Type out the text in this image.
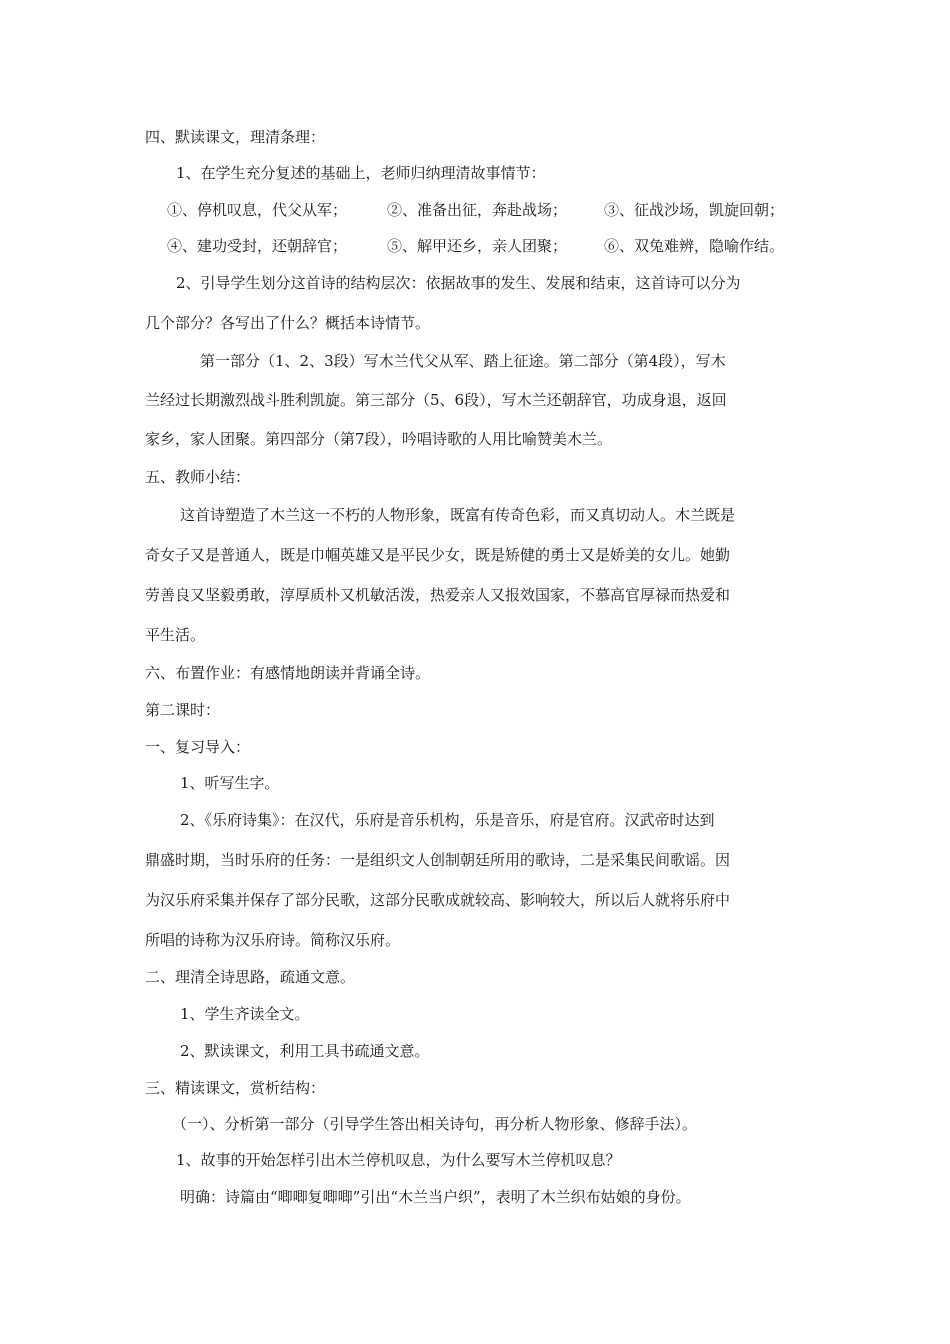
四、默读课文，理清条理：
1、在学生充分复述的基础上，老师归纳理清故事情节：
①、停机叹息，代父从军；	②、准备出征，奔赴战场； ③、征战沙场，凯旋回朝；
④、建功受封，还朝辞官；	⑤、解甲还乡，亲人团聚； ⑥、双兔难辨，隐喻作结。
2、引导学生划分这首诗的结构层次：依据故事的发生、发展和结束，这首诗可以分为
几个部分？各写出了什么？概括本诗情节。
第一部分（1、2、3段）写木兰代父从军、踏上征途。第二部分（第4段），写木
兰经过长期激烈战斗胜利凯旋。第三部分（5、6段），写木兰还朝辞官，功成身退，返回
家乡，家人团聚。第四部分（第7段），吟唱诗歌的人用比喻赞美木兰。
五、教师小结：
这首诗塑造了木兰这一不朽的人物形象，既富有传奇色彩，而又真切动人。木兰既是
奇女子又是普通人，既是巾帼英雄又是平民少女，既是矫健的勇士又是娇美的女儿。她勤
劳善良又坚毅勇敢，淳厚质朴又机敏活泼，热爱亲人又报效国家，不慕高官厚禄而热爱和
平生活。
六、布置作业：有感情地朗读并背诵全诗。
第二课时：
一、复习导入：
1、听写生字。
2、《乐府诗集》：在汉代，乐府是音乐机构，乐是音乐，府是官府。汉武帝时达到
鼎盛时期，当时乐府的任务：一是组织文人创制朝廷所用的歌诗，二是采集民间歌谣。因
为汉乐府采集并保存了部分民歌，这部分民歌成就较高、影响较大，所以后人就将乐府中
所唱的诗称为汉乐府诗。简称汉乐府。
二、理清全诗思路，疏通文意。
1、学生齐读全文。
2、默读课文，利用工具书疏通文意。
三、精读课文，赏析结构：
（一）、分析第一部分（引导学生答出相关诗句，再分析人物形象、修辞手法）。
1、故事的开始怎样引出木兰停机叹息，为什么要写木兰停机叹息？
明确：诗篇由“唧唧复唧唧”引出“木兰当户织”，表明了木兰织布姑娘的身份。
